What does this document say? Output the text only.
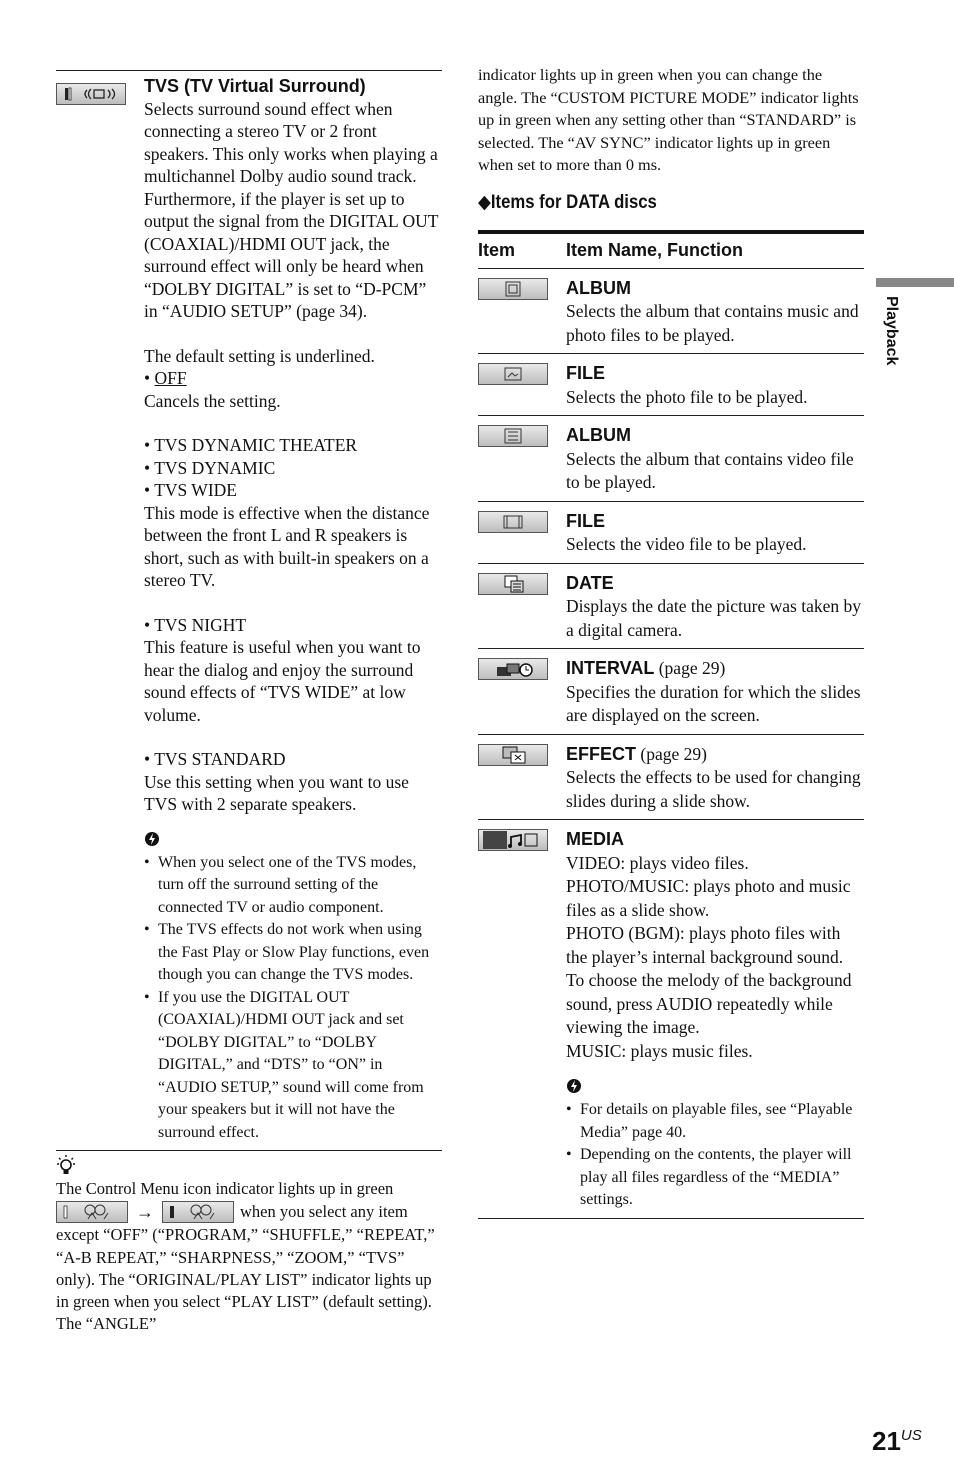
TVS (TV Virtual Surround)

Selects surround sound effect when connecting a stereo TV or 2 front speakers. This only works when playing a multichannel Dolby audio sound track. Furthermore, if the player is set up to output the signal from the DIGITAL OUT (COAXIAL)/HDMI OUT jack, the surround effect will only be heard when “DOLBY DIGITAL” is set to “D-PCM” in “AUDIO SETUP” (page 34).

The default setting is underlined.

• OFF

Cancels the setting.

• TVS DYNAMIC THEATER

• TVS DYNAMIC

• TVS WIDE

This mode is effective when the distance between the front L and R speakers is short, such as with built-in speakers on a stereo TV.

• TVS NIGHT

This feature is useful when you want to hear the dialog and enjoy the surround sound effects of “TVS WIDE” at low volume.

• TVS STANDARD

Use this setting when you want to use TVS with 2 separate speakers.

• When you select one of the TVS modes, turn off the surround setting of the connected TV or audio component.
• The TVS effects do not work when using the Fast Play or Slow Play functions, even though you can change the TVS modes.
• If you use the DIGITAL OUT (COAXIAL)/HDMI OUT jack and set “DOLBY DIGITAL” to “DOLBY DIGITAL,” and “DTS” to “ON” in “AUDIO SETUP,” sound will come from your speakers but it will not have the surround effect.

The Control Menu icon indicator lights up in green

→	when you select any item

except “OFF” (“PROGRAM,” “SHUFFLE,” “REPEAT,” “A-B REPEAT,” “SHARPNESS,” “ZOOM,” “TVS” only). The “ORIGINAL/PLAY LIST” indicator lights up in green when you select “PLAY LIST” (default setting). The “ANGLE”

indicator lights up in green when you can change the angle. The “CUSTOM PICTURE MODE” indicator lights up in green when any setting other than “STANDARD” is selected. The “AV SYNC” indicator lights up in green when set to more than 0 ms.

◆Items for DATA discs
Item	Item Name, Function
ALBUM

Selects the album that contains music and photo files to be played.

FILE

Selects the photo file to be played.

ALBUM

Selects the album that contains video file to be played.

FILE

Selects the video file to be played.

DATE

Displays the date the picture was taken by a digital camera.

INTERVAL (page 29)

Specifies the duration for which the slides are displayed on the screen.

EFFECT (page 29)

Selects the effects to be used for changing slides during a slide show.

MEDIA

VIDEO: plays video files.

PHOTO/MUSIC: plays photo and music files as a slide show.

PHOTO (BGM): plays photo files with the player’s internal background sound. To choose the melody of the background sound, press AUDIO repeatedly while viewing the image.

MUSIC: plays music files.

• For details on playable files, see “Playable Media” page 40.
• Depending on the contents, the player will play all files regardless of the “MEDIA” settings.
Playback
$21^{US}$
